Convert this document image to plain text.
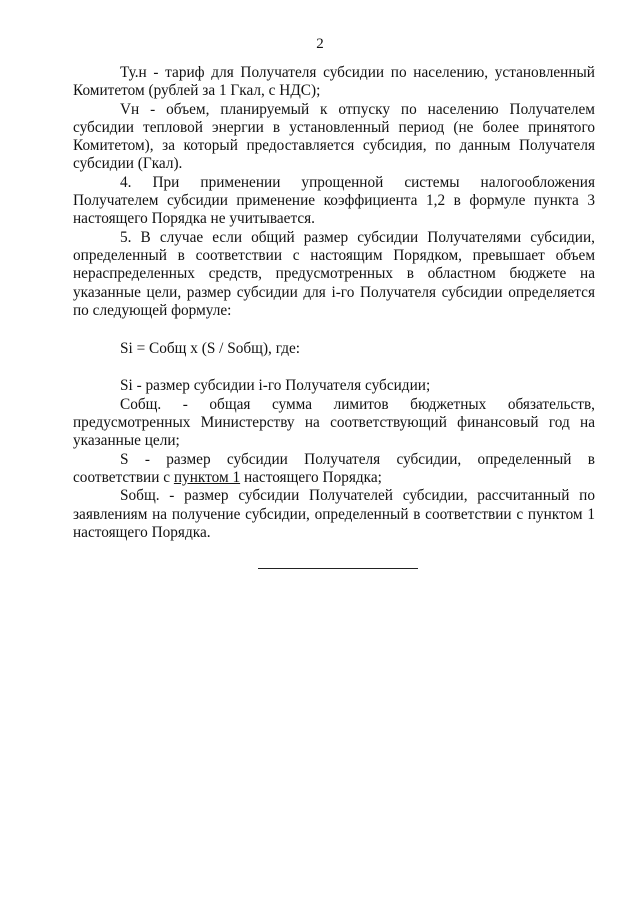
2

Ту.н - тариф для Получателя субсидии по населению, установленный Комитетом (рублей за 1 Гкал, с НДС);

Vн - объем, планируемый к отпуску по населению Получателем субсидии тепловой энергии в установленный период (не более принятого Комитетом), за который предоставляется субсидия, по данным Получателя субсидии (Гкал).

4. При применении упрощенной системы налогообложения Получателем субсидии применение коэффициента 1,2 в формуле пункта 3 настоящего Порядка не учитывается.

5. В случае если общий размер субсидии Получателями субсидии, определенный в соответствии с настоящим Порядком, превышает объем нераспределенных средств, предусмотренных в областном бюджете на указанные цели, размер субсидии для i-го Получателя субсидии определяется по следующей формуле:

Si = Собщ x (S / Sобщ), где:

Si - размер субсидии i-го Получателя субсидии;

Собщ. - общая сумма лимитов бюджетных обязательств, предусмотренных Министерству на соответствующий финансовый год на указанные цели;

S - размер субсидии Получателя субсидии, определенный в соответствии с пунктом 1 настоящего Порядка;

Sобщ. - размер субсидии Получателей субсидии, рассчитанный по заявлениям на получение субсидии, определенный в соответствии с пунктом 1 настоящего Порядка.
